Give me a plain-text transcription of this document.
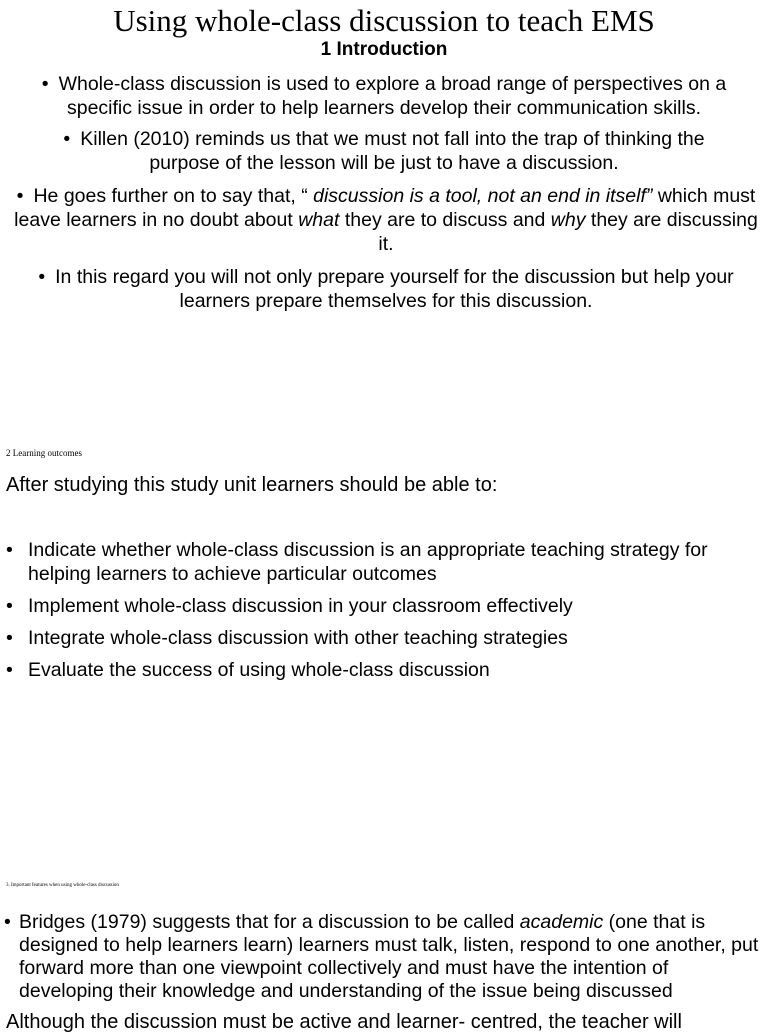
Using whole-class discussion to teach EMS
1 Introduction
• Whole-class discussion is used to explore a broad range of perspectives on a specific issue in order to help learners develop their communication skills.
• Killen (2010) reminds us that we must not fall into the trap of thinking the purpose of the lesson will be just to have a discussion.
• He goes further on to say that, “ discussion is a tool, not an end in itself” which must leave learners in no doubt about what they are to discuss and why they are discussing it.
• In this regard you will not only prepare yourself for the discussion but help your learners prepare themselves for this discussion.
2 Learning outcomes
After studying this study unit learners should be able to:
• Indicate whether whole-class discussion is an appropriate teaching strategy for helping learners to achieve particular outcomes
• Implement whole-class discussion in your classroom effectively
• Integrate whole-class discussion with other teaching strategies
• Evaluate the success of using whole-class discussion
3. Important features when using whole-class discussion

• Bridges (1979) suggests that for a discussion to be called academic (one that is designed to help learners learn) learners must talk, listen, respond to one another, put forward more than one viewpoint collectively and must have the intention of developing their knowledge and understanding of the issue being discussed

Although the discussion must be active and learner- centred, the teacher will
